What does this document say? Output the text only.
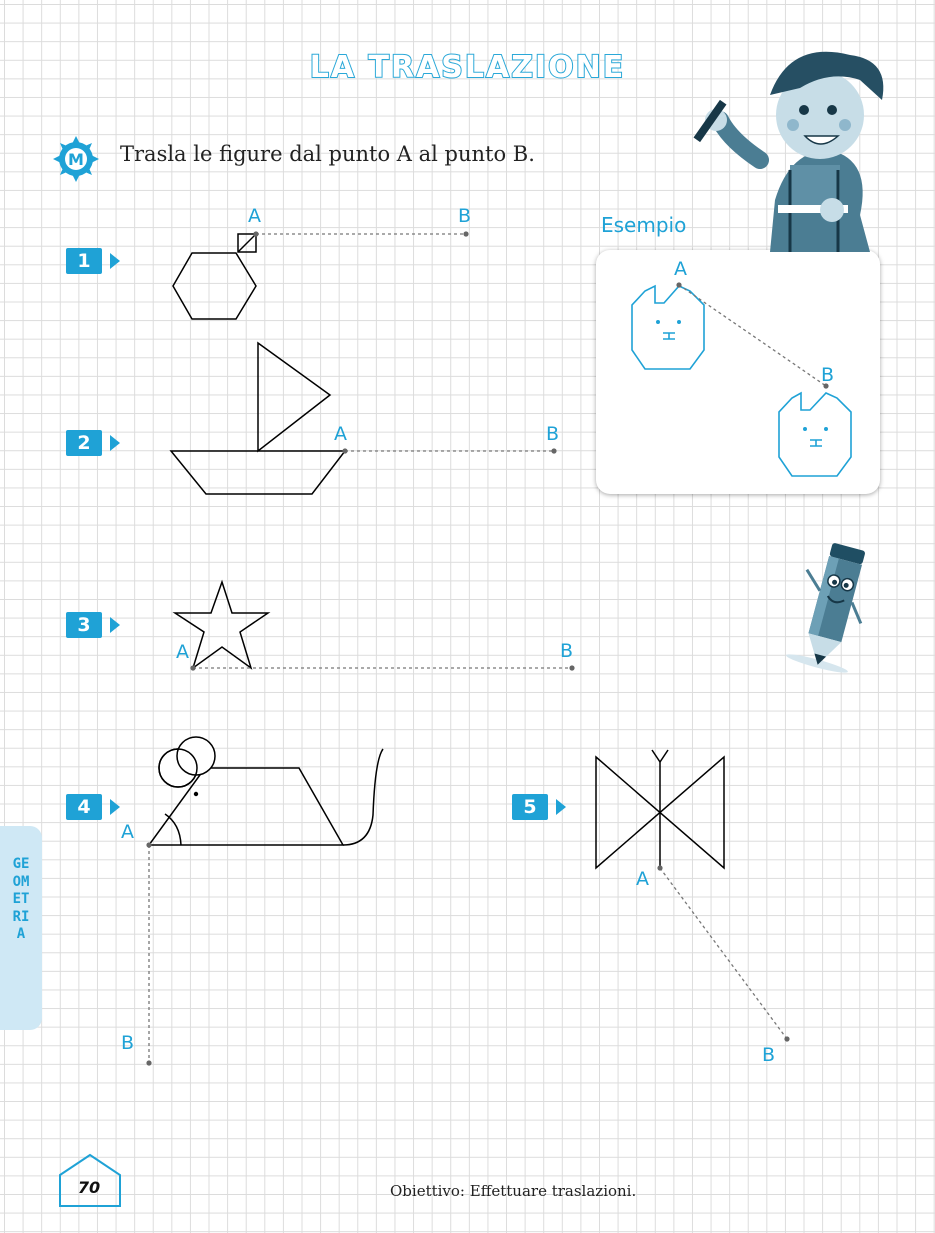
LA TRASLAZIONE
M Trasla le figure dal punto A al punto B.
Esempio
1
2
3
4	5
A	B
A	B
A	B
A
B
A
B
A
B
GEOMETRIA
70	Obiettivo: Effettuare traslazioni.
